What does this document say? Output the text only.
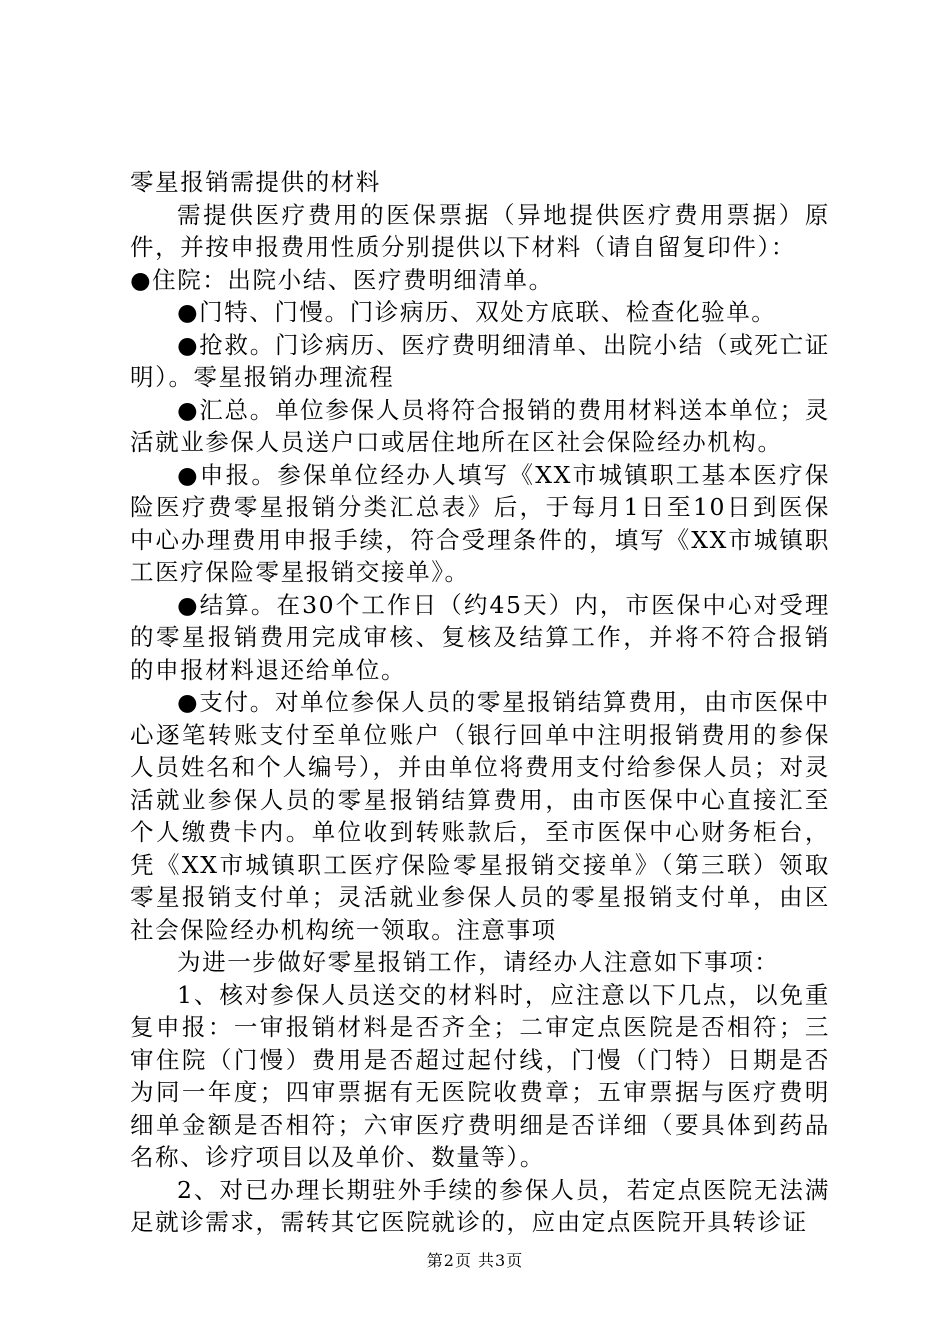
零星报销需提供的材料

需提供医疗费用的医保票据（异地提供医疗费用票据）原件，并按申报费用性质分别提供以下材料（请自留复印件）：

●住院：出院小结、医疗费明细清单。

●门特、门慢。门诊病历、双处方底联、检查化验单。

●抢救。门诊病历、医疗费明细清单、出院小结（或死亡证明）。零星报销办理流程

●汇总。单位参保人员将符合报销的费用材料送本单位；灵活就业参保人员送户口或居住地所在区社会保险经办机构。

●申报。参保单位经办人填写《XX市城镇职工基本医疗保险医疗费零星报销分类汇总表》后，于每月1日至10日到医保中心办理费用申报手续，符合受理条件的，填写《XX市城镇职工医疗保险零星报销交接单》。

●结算。在30个工作日（约45天）内，市医保中心对受理的零星报销费用完成审核、复核及结算工作，并将不符合报销的申报材料退还给单位。

●支付。对单位参保人员的零星报销结算费用，由市医保中心逐笔转账支付至单位账户（银行回单中注明报销费用的参保人员姓名和个人编号），并由单位将费用支付给参保人员；对灵活就业参保人员的零星报销结算费用，由市医保中心直接汇至个人缴费卡内。单位收到转账款后，至市医保中心财务柜台，凭《XX市城镇职工医疗保险零星报销交接单》（第三联）领取零星报销支付单；灵活就业参保人员的零星报销支付单，由区社会保险经办机构统一领取。注意事项

为进一步做好零星报销工作，请经办人注意如下事项：

1、核对参保人员送交的材料时，应注意以下几点，以免重复申报：一审报销材料是否齐全；二审定点医院是否相符；三审住院（门慢）费用是否超过起付线，门慢（门特）日期是否为同一年度；四审票据有无医院收费章；五审票据与医疗费明细单金额是否相符；六审医疗费明细是否详细（要具体到药品名称、诊疗项目以及单价、数量等）。

2、对已办理长期驻外手续的参保人员，若定点医院无法满足就诊需求，需转其它医院就诊的，应由定点医院开具转诊证

第2页 共3页
